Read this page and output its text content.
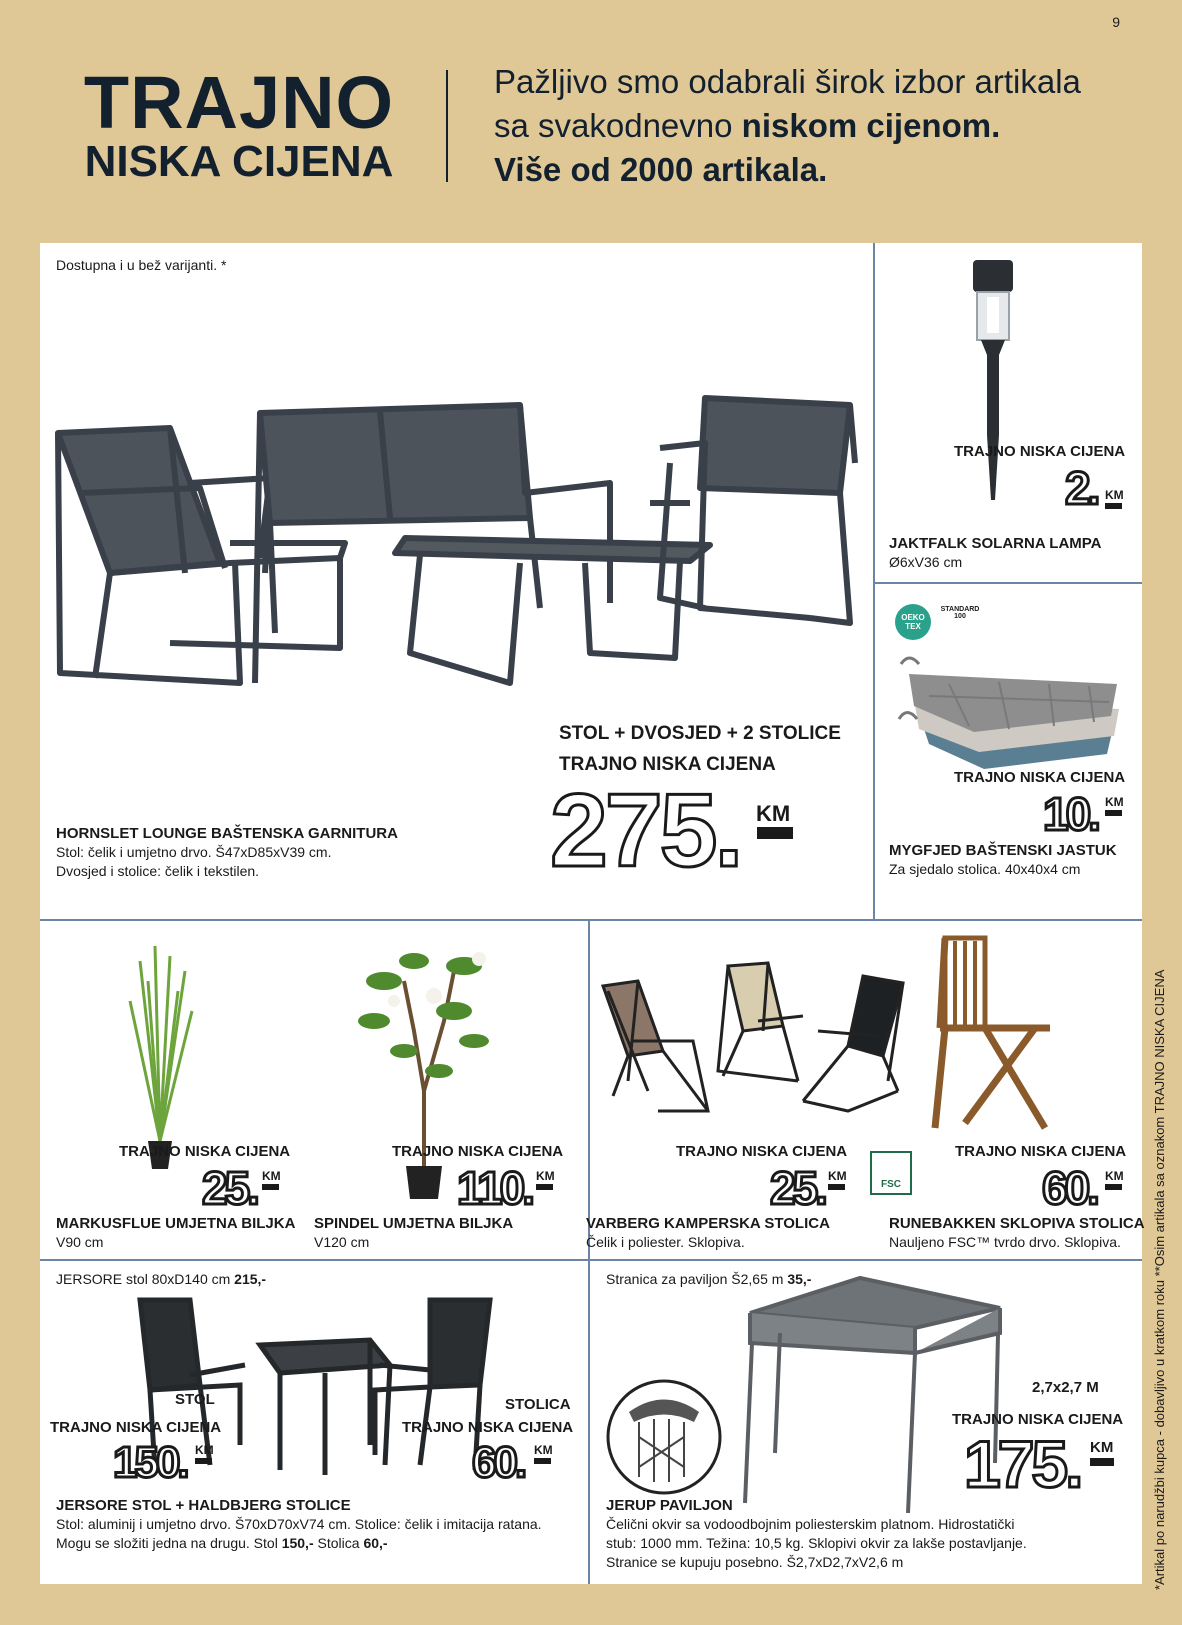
9
TRAJNO
NISKA CIJENA
Pažljivo smo odabrali širok izbor artikala
sa svakodnevno niskom cijenom.
Više od 2000 artikala.
Dostupna i u bež varijanti. *
STOL + DVOSJED + 2 STOLICE
TRAJNO NISKA CIJENA
275. KM
HORNSLET LOUNGE BAŠTENSKA GARNITURA
Stol: čelik i umjetno drvo. Š47xD85xV39 cm.
Dvosjed i stolice: čelik i tekstilen.
TRAJNO NISKA CIJENA
2. KM
JAKTFALK SOLARNA LAMPA
Ø6xV36 cm
OEKO TEX
STANDARD 100
TRAJNO NISKA CIJENA
10. KM
MYGFJED BAŠTENSKI JASTUK
Za sjedalo stolica. 40x40x4 cm
TRAJNO NISKA CIJENA
25. KM
MARKUSFLUE UMJETNA BILJKA
V90 cm
TRAJNO NISKA CIJENA
110. KM
SPINDEL UMJETNA BILJKA
V120 cm
TRAJNO NISKA CIJENA
25. KM
VARBERG KAMPERSKA STOLICA
Čelik i poliester. Sklopiva.
FSC
TRAJNO NISKA CIJENA
60. KM
RUNEBAKKEN SKLOPIVA STOLICA
Nauljeno FSC™ tvrdo drvo. Sklopiva.
JERSORE stol 80xD140 cm 215,-
STOL
TRAJNO NISKA CIJENA
150. KM
STOLICA
TRAJNO NISKA CIJENA
60. KM
JERSORE STOL + HALDBJERG STOLICE
Stol: aluminij i umjetno drvo. Š70xD70xV74 cm. Stolice: čelik i imitacija ratana.
Mogu se složiti jedna na drugu. Stol 150,- Stolica 60,-
Stranica za paviljon Š2,65 m 35,-
2,7x2,7 M
TRAJNO NISKA CIJENA
175. KM
JERUP PAVILJON
Čelični okvir sa vodoodbojnim poliesterskim platnom. Hidrostatički
stub: 1000 mm. Težina: 10,5 kg. Sklopivi okvir za lakše postavljanje.
Stranice se kupuju posebno. Š2,7xD2,7xV2,6 m	*Artikal po narudžbi kupca - dobavljivo u kratkom roku **Osim artikala sa oznakom TRAJNO NISKA CIJENA
